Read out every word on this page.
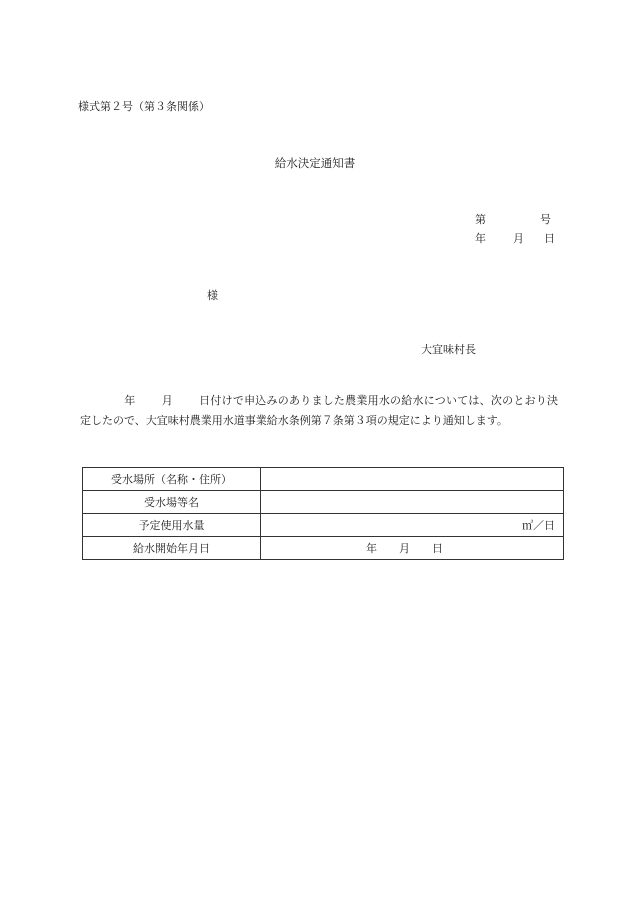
様式第２号（第３条関係）
給水決定通知書
第	号
年 月 日
様
大宜味村長
年 月 日付けで申込みのありました農業用水の給水については、次のとおり決定したので、大宜味村農業用水道事業給水条例第７条第３項の規定により通知します。
受水場所（名称・住所）	
受水場等名	
予定使用水量	㎥／日
給水開始年月日	年 月 日
